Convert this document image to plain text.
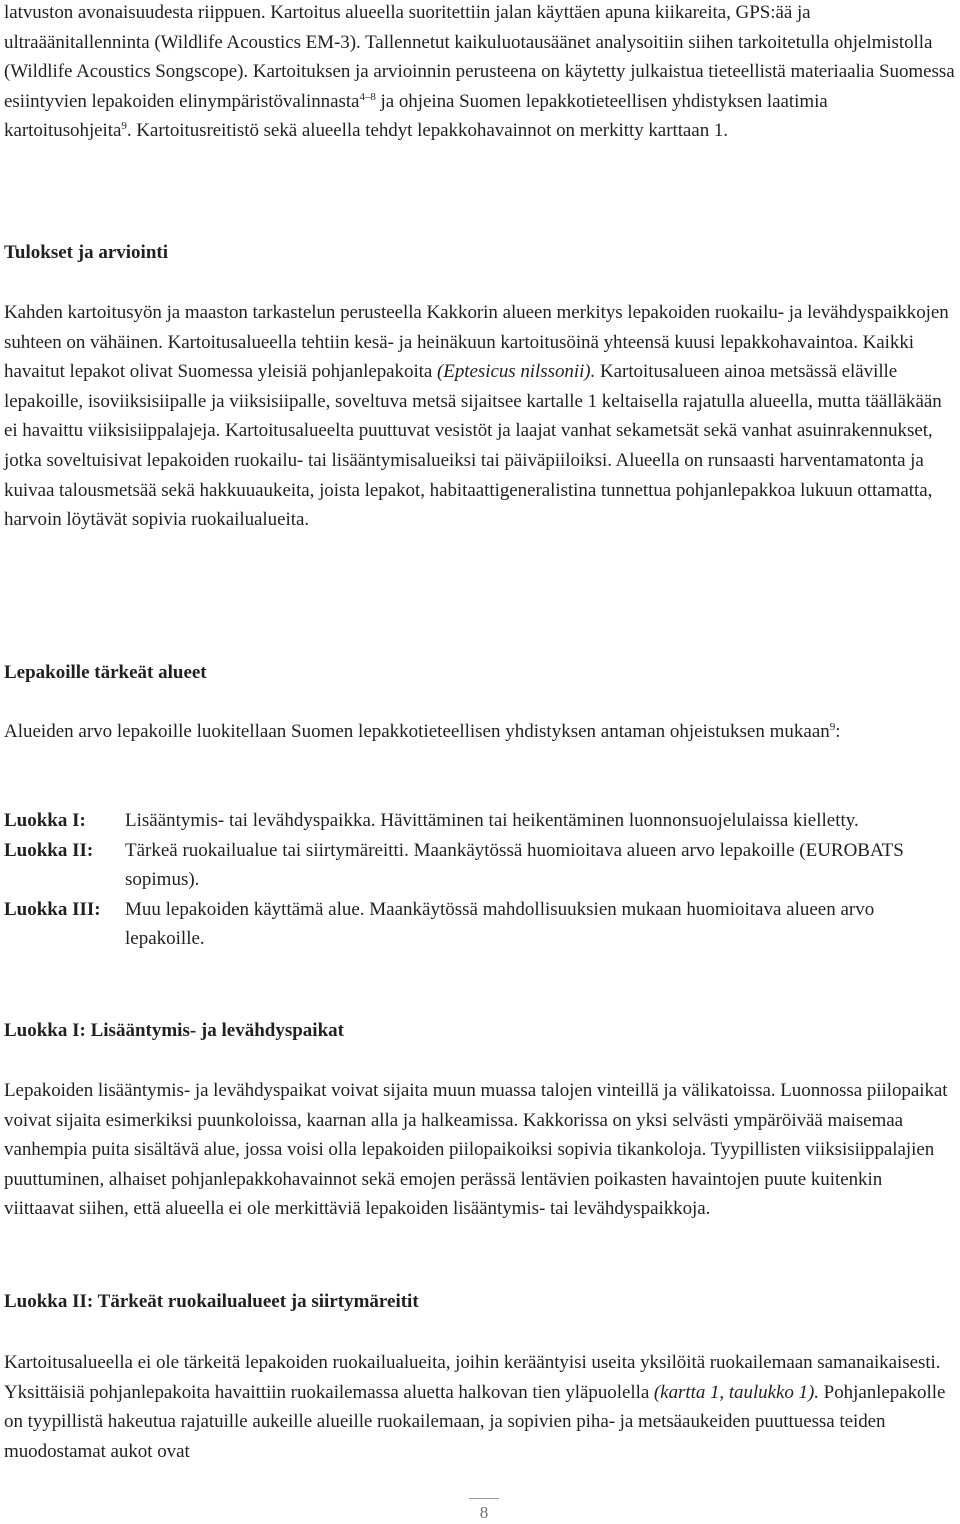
latvuston avonaisuudesta riippuen. Kartoitus alueella suoritettiin jalan käyttäen apuna kiikareita, GPS:ää ja ultraäänitallenninta (Wildlife Acoustics EM-3). Tallennetut kaikuluotausäänet analysoitiin siihen tarkoitetulla ohjelmistolla (Wildlife Acoustics Songscope). Kartoituksen ja arvioinnin perusteena on käytetty julkaistua tieteellistä materiaalia Suomessa esiintyvien lepakoiden elinympäristövalinnasta$^{4-8}$ ja ohjeina Suomen lepakkotieteellisen yhdistyksen laatimia kartoitusohjeita$^9$. Kartoitusreitistö sekä alueella tehdyt lepakkohavainnot on merkitty karttaan 1.

Tulokset ja arviointi

Kahden kartoitusyön ja maaston tarkastelun perusteella Kakkorin alueen merkitys lepakoiden ruokailu- ja levähdyspaikkojen suhteen on vähäinen. Kartoitusalueella tehtiin kesä- ja heinäkuun kartoitusöinä yhteensä kuusi lepakkohavaintoa. Kaikki havaitut lepakot olivat Suomessa yleisiä pohjanlepakoita (Eptesicus nilssonii). Kartoitusalueen ainoa metsässä eläville lepakoille, isoviiksisiipalle ja viiksisiipalle, soveltuva metsä sijaitsee kartalle 1 keltaisella rajatulla alueella, mutta täälläkään ei havaittu viiksisiippalajeja. Kartoitusalueelta puuttuvat vesistöt ja laajat vanhat sekametsät sekä vanhat asuinrakennukset, jotka soveltuisivat lepakoiden ruokailu- tai lisääntymisalueiksi tai päiväpiiloiksi. Alueella on runsaasti harventamatonta ja kuivaa talousmetsää sekä hakkuuaukeita, joista lepakot, habitaattigeneralistina tunnettua pohjanlepakkoa lukuun ottamatta, harvoin löytävät sopivia ruokailualueita.

Lepakoille tärkeät alueet

Alueiden arvo lepakoille luokitellaan Suomen lepakkotieteellisen yhdistyksen antaman ohjeistuksen mukaan$^9$:

Luokka I:	Lisääntymis- tai levähdyspaikka. Hävittäminen tai heikentäminen luonnonsuojelulaissa kielletty.
Luokka II:	Tärkeä ruokailualue tai siirtymäreitti. Maankäytössä huomioitava alueen arvo lepakoille (EUROBATS sopimus).
Luokka III:	Muu lepakoiden käyttämä alue. Maankäytössä mahdollisuuksien mukaan huomioitava alueen arvo lepakoille.
Luokka I: Lisääntymis- ja levähdyspaikat

Lepakoiden lisääntymis- ja levähdyspaikat voivat sijaita muun muassa talojen vinteillä ja välikatoissa. Luonnossa piilopaikat voivat sijaita esimerkiksi puunkoloissa, kaarnan alla ja halkeamissa. Kakkorissa on yksi selvästi ympäröivää maisemaa vanhempia puita sisältävä alue, jossa voisi olla lepakoiden piilopaikoiksi sopivia tikankoloja. Tyypillisten viiksisiippalajien puuttuminen, alhaiset pohjanlepakkohavainnot sekä emojen perässä lentävien poikasten havaintojen puute kuitenkin viittaavat siihen, että alueella ei ole merkittäviä lepakoiden lisääntymis- tai levähdyspaikkoja.

Luokka II: Tärkeät ruokailualueet ja siirtymäreitit

Kartoitusalueella ei ole tärkeitä lepakoiden ruokailualueita, joihin kerääntyisi useita yksilöitä ruokailemaan samanaikaisesti. Yksittäisiä pohjanlepakoita havaittiin ruokailemassa aluetta halkovan tien yläpuolella (kartta 1, taulukko 1). Pohjanlepakolle on tyypillistä hakeutua rajatuille aukeille alueille ruokailemaan, ja sopivien piha- ja metsäaukeiden puuttuessa teiden muodostamat aukot ovat

8
